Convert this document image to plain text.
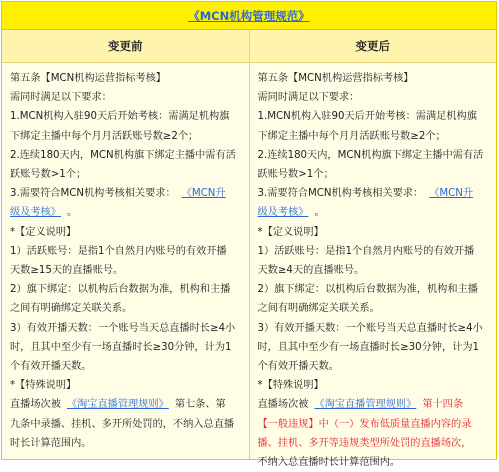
《MCN机构管理规范》
变更前	变更后
第五条【MCN机构运营指标考核】
需同时满足以下要求：
1.MCN机构入驻90天后开始考核：需满足机构旗
下绑定主播中每个月月活跃账号数≥2个；
2.连续180天内，MCN机构旗下绑定主播中需有活
跃账号数>1个；
3.需要符合MCN机构考核相关要求： 《MCN升
级及考核》 。
*【定义说明】
1）活跃账号：是指1个自然月内账号的有效开播
天数≥15天的直播账号。
2）旗下绑定：以机构后台数据为准，机构和主播
之间有明确绑定关联关系。
3）有效开播天数：一个账号当天总直播时长≥4小
时，且其中至少有一场直播时长≥30分钟，计为1
个有效开播天数。
*【特殊说明】
直播场次被 《淘宝直播管理规则》 第七条、第
九条中录播、挂机、多开所处罚的，不纳入总直播
时长计算范围内。
第五条【MCN机构运营指标考核】
需同时满足以下要求：
1.MCN机构入驻90天后开始考核：需满足机构旗
下绑定主播中每个月月活跃账号数≥2个；
2.连续180天内，MCN机构旗下绑定主播中需有活
跃账号数>1个；
3.需要符合MCN机构考核相关要求： 《MCN升
级及考核》 。
*【定义说明】
1）活跃账号：是指1个自然月内账号的有效开播
天数≥4天的直播账号。
2）旗下绑定：以机构后台数据为准，机构和主播
之间有明确绑定关联关系。
3）有效开播天数：一个账号当天总直播时长≥4小
时，且其中至少有一场直播时长≥30分钟，计为1
个有效开播天数。
*【特殊说明】
直播场次被 《淘宝直播管理规则》 第十四条
【一般违规】中（一）发布低质量直播内容的录
播、挂机、多开等违规类型所处罚的直播场次，
不纳入总直播时长计算范围内。
